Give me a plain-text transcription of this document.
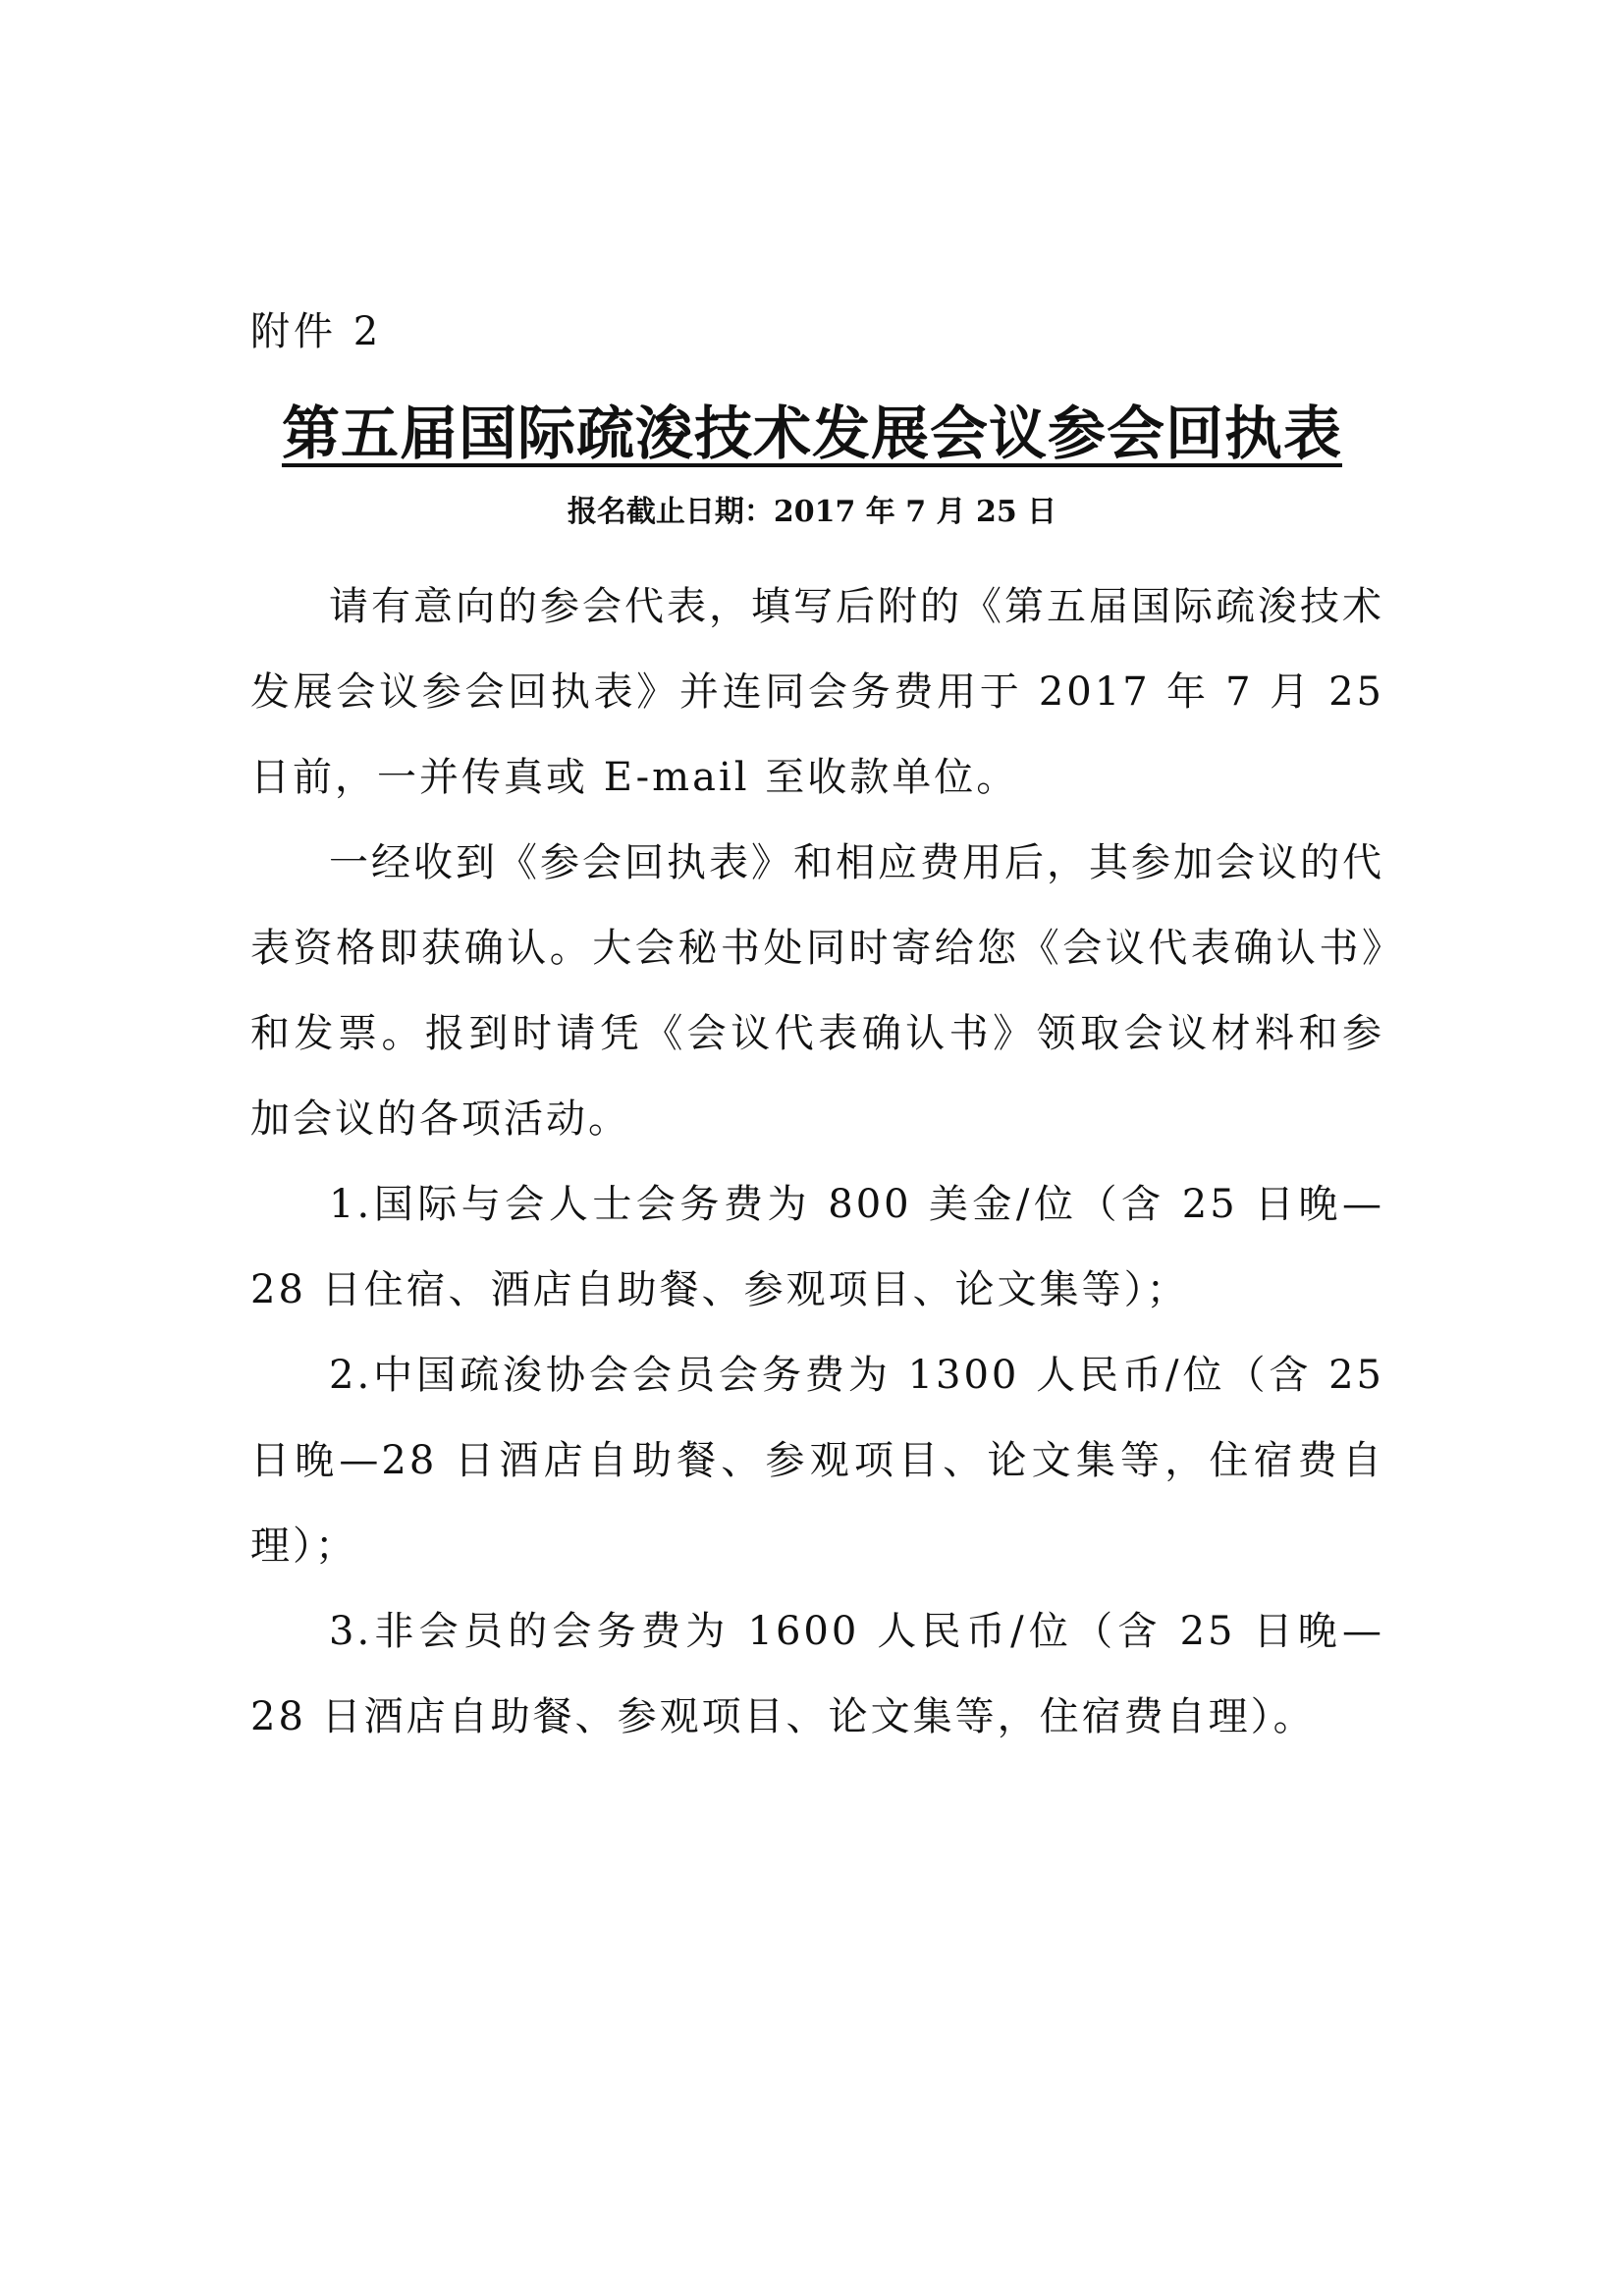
附件 2
第五届国际疏浚技术发展会议参会回执表
报名截止日期：2017 年 7 月 25 日

请有意向的参会代表，填写后附的《第五届国际疏浚技术发展会议参会回执表》并连同会务费用于 2017 年 7 月 25 日前，一并传真或 E-mail 至收款单位。

一经收到《参会回执表》和相应费用后，其参加会议的代表资格即获确认。大会秘书处同时寄给您《会议代表确认书》和发票。报到时请凭《会议代表确认书》领取会议材料和参加会议的各项活动。

1.国际与会人士会务费为 800 美金/位（含 25 日晚—28 日住宿、酒店自助餐、参观项目、论文集等）；

2.中国疏浚协会会员会务费为 1300 人民币/位（含 25 日晚—28 日酒店自助餐、参观项目、论文集等，住宿费自理）；

3.非会员的会务费为 1600 人民币/位（含 25 日晚—28 日酒店自助餐、参观项目、论文集等，住宿费自理）。
